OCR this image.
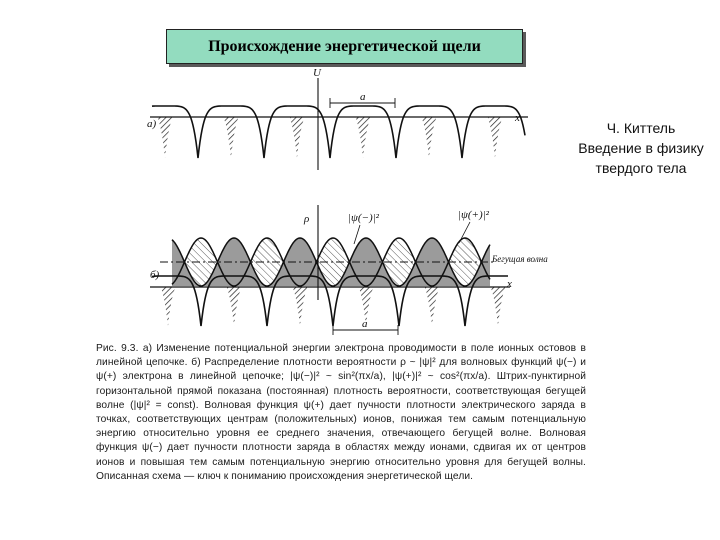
Происхождение энергетической щели
Ч. Киттель
Введение в физику
твердого тела
U
a
a)	x
ρ	|ψ(−)|²	|ψ(+)|²
Бегущая волна
б)
x
a
Рис. 9.3. а) Изменение потенциальной энергии электрона проводимости в поле ионных остовов в линейной цепочке. б) Распределение плотности вероятности ρ ~ |ψ|² для волновых функций ψ(−) и ψ(+) электрона в линейной цепочке; |ψ(−)|² ~ sin²(πx/a), |ψ(+)|² ~ cos²(πx/a). Штрих-пунктирной горизонтальной прямой показана (постоянная) плотность вероятности, соответствующая бегущей волне (|ψ|² = const). Волновая функция ψ(+) дает пучности плотности электрического заряда в точках, соответствующих центрам (положительных) ионов, понижая тем самым потенциальную энергию относительно уровня ее среднего значения, отвечающего бегущей волне. Волновая функция ψ(−) дает пучности плотности заряда в областях между ионами, сдвигая их от центров ионов и повышая тем самым потенциальную энергию относительно уровня для бегущей волны. Описанная схема — ключ к пониманию происхождения энергетической щели.
